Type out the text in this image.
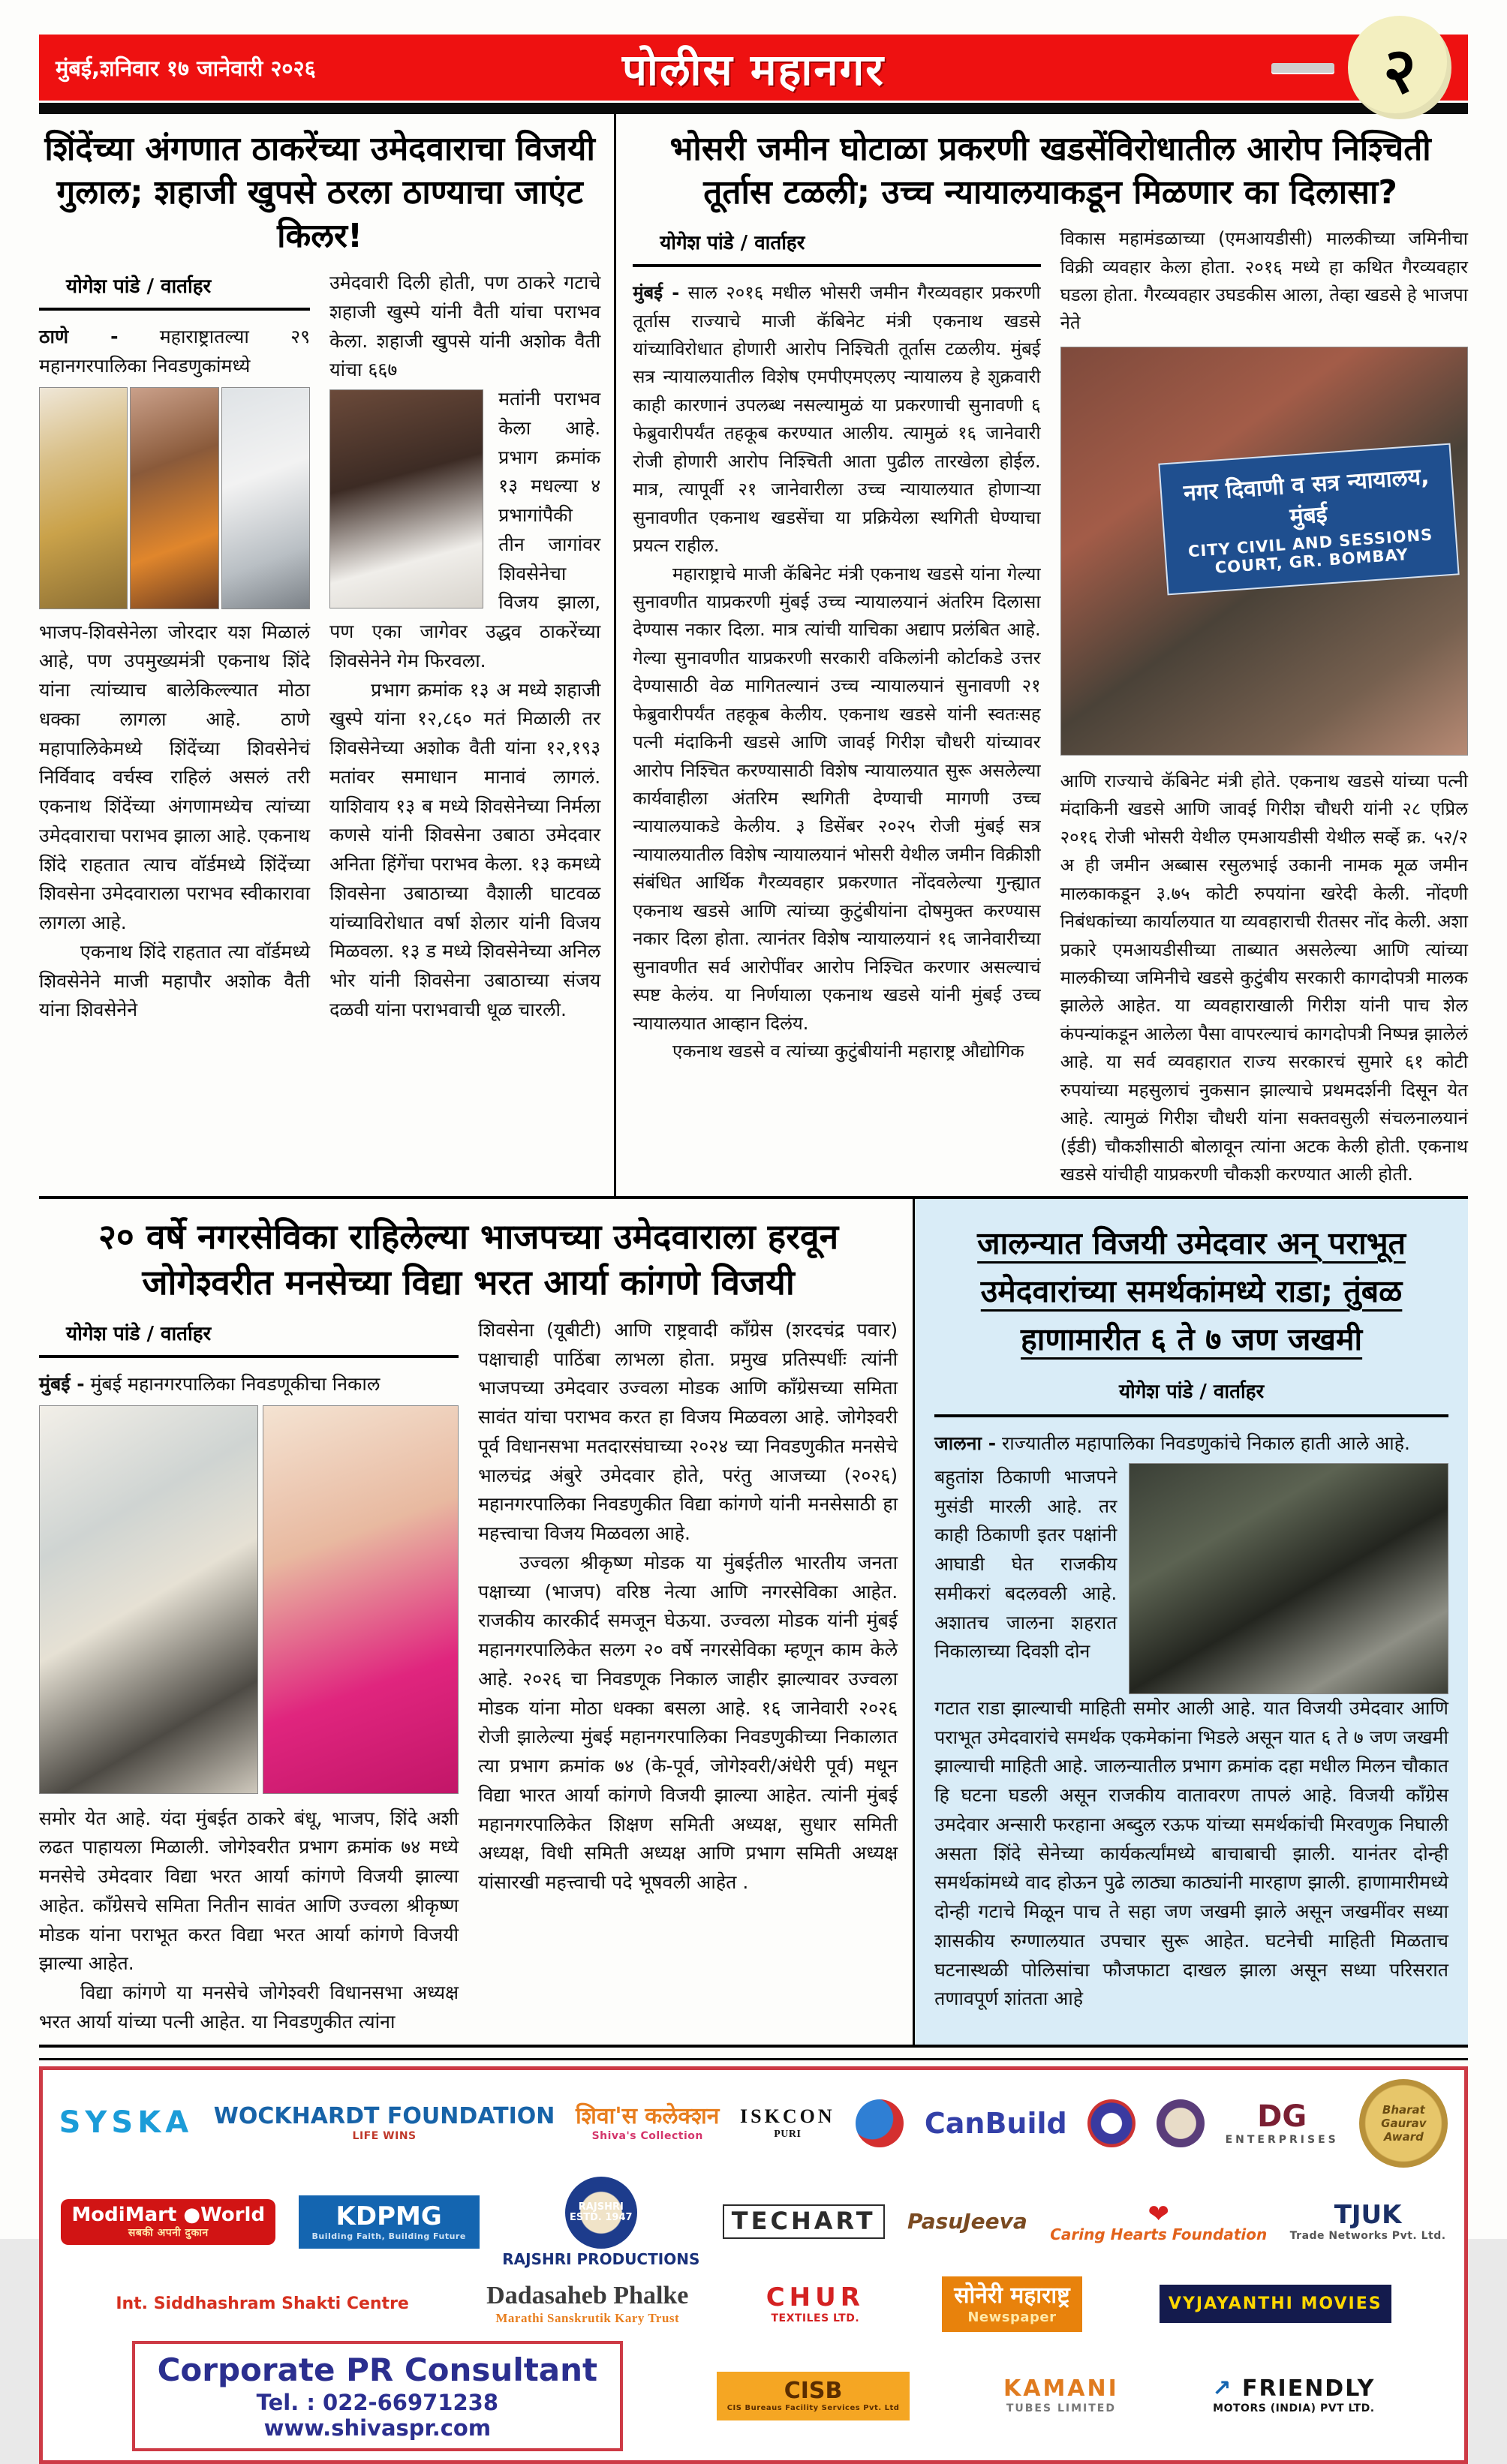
मुंबई,शनिवार १७ जानेवारी २०२६	पोलीस महानगर	२
शिंदेंच्या अंगणात ठाकरेंच्या उमेदवाराचा विजयी गुलाल; शहाजी खुपसे ठरला ठाण्याचा जाएंट किलर!
योगेश पांडे / वार्ताहर

ठाणे - महाराष्ट्रातल्या २९ महानगरपालिका निवडणुकांमध्ये

भाजप-शिवसेनेला जोरदार यश मिळालं आहे, पण उपमुख्यमंत्री एकनाथ शिंदे यांना त्यांच्याच बालेकिल्ल्यात मोठा धक्का लागला आहे. ठाणे महापालिकेमध्ये शिंदेंच्या शिवसेनेचं निर्विवाद वर्चस्व राहिलं असलं तरी एकनाथ शिंदेंच्या अंगणामध्येच त्यांच्या उमेदवाराचा पराभव झाला आहे. एकनाथ शिंदे राहतात त्याच वॉर्डमध्ये शिंदेंच्या शिवसेना उमेदवाराला पराभव स्वीकारावा लागला आहे.

एकनाथ शिंदे राहतात त्या वॉर्डमध्ये शिवसेनेने माजी महापौर अशोक वैती यांना शिवसेनेने

उमेदवारी दिली होती, पण ठाकरे गटाचे शहाजी खुस्पे यांनी वैती यांचा पराभव केला. शहाजी खुपसे यांनी अशोक वैती यांचा ६६७

मतांनी पराभव केला आहे. प्रभाग क्रमांक १३ मधल्या ४ प्रभागांपैकी तीन जागांवर शिवसेनेचा विजय झाला, पण एका जागेवर उद्धव ठाकरेंच्या शिवसेनेने गेम फिरवला.

प्रभाग क्रमांक १३ अ मध्ये शहाजी खुस्पे यांना १२,८६० मतं मिळाली तर शिवसेनेच्या अशोक वैती यांना १२,१९३ मतांवर समाधान मानावं लागलं. याशिवाय १३ ब मध्ये शिवसेनेच्या निर्मला कणसे यांनी शिवसेना उबाठा उमेदवार अनिता हिंगेंचा पराभव केला. १३ कमध्ये शिवसेना उबाठाच्या वैशाली घाटवळ यांच्याविरोधात वर्षा शेलार यांनी विजय मिळवला. १३ ड मध्ये शिवसेनेच्या अनिल भोर यांनी शिवसेना उबाठाच्या संजय दळवी यांना पराभवाची धूळ चारली.

भोसरी जमीन घोटाळा प्रकरणी खडसेंविरोधातील आरोप निश्चिती तूर्तास टळली; उच्च न्यायालयाकडून मिळणार का दिलासा?
योगेश पांडे / वार्ताहर

मुंबई - साल २०१६ मधील भोसरी जमीन गैरव्यवहार प्रकरणी तूर्तास राज्याचे माजी कॅबिनेट मंत्री एकनाथ खडसे यांच्याविरोधात होणारी आरोप निश्चिती तूर्तास टळलीय. मुंबई सत्र न्यायालयातील विशेष एमपीएमएलए न्यायालय हे शुक्रवारी काही कारणानं उपलब्ध नसल्यामुळं या प्रकरणाची सुनावणी ६ फेब्रुवारीपर्यंत तहकूब करण्यात आलीय. त्यामुळं १६ जानेवारी रोजी होणारी आरोप निश्चिती आता पुढील तारखेला होईल. मात्र, त्यापूर्वी २१ जानेवारीला उच्च न्यायालयात होणाऱ्या सुनावणीत एकनाथ खडसेंचा या प्रक्रियेला स्थगिती घेण्याचा प्रयत्न राहील.

महाराष्ट्राचे माजी कॅबिनेट मंत्री एकनाथ खडसे यांना गेल्या सुनावणीत याप्रकरणी मुंबई उच्च न्यायालयानं अंतरिम दिलासा देण्यास नकार दिला. मात्र त्यांची याचिका अद्याप प्रलंबित आहे. गेल्या सुनावणीत याप्रकरणी सरकारी वकिलांनी कोर्टाकडे उत्तर देण्यासाठी वेळ मागितल्यानं उच्च न्यायालयानं सुनावणी २१ फेब्रुवारीपर्यंत तहकूब केलीय. एकनाथ खडसे यांनी स्वतःसह पत्नी मंदाकिनी खडसे आणि जावई गिरीश चौधरी यांच्यावर आरोप निश्चित करण्यासाठी विशेष न्यायालयात सुरू असलेल्या कार्यवाहीला अंतरिम स्थगिती देण्याची मागणी उच्च न्यायालयाकडे केलीय. ३ डिसेंबर २०२५ रोजी मुंबई सत्र न्यायालयातील विशेष न्यायालयानं भोसरी येथील जमीन विक्रीशी संबंधित आर्थिक गैरव्यवहार प्रकरणात नोंदवलेल्या गुन्ह्यात एकनाथ खडसे आणि त्यांच्या कुटुंबीयांना दोषमुक्त करण्यास नकार दिला होता. त्यानंतर विशेष न्यायालयानं १६ जानेवारीच्या सुनावणीत सर्व आरोपींवर आरोप निश्चित करणार असल्याचं स्पष्ट केलंय. या निर्णयाला एकनाथ खडसे यांनी मुंबई उच्च न्यायालयात आव्हान दिलंय.

एकनाथ खडसे व त्यांच्या कुटुंबीयांनी महाराष्ट्र औद्योगिक

विकास महामंडळाच्या (एमआयडीसी) मालकीच्या जमिनीचा विक्री व्यवहार केला होता. २०१६ मध्ये हा कथित गैरव्यवहार घडला होता. गैरव्यवहार उघडकीस आला, तेव्हा खडसे हे भाजपा नेते

नगर दिवाणी व सत्र न्यायालय, मुंबई
CITY CIVIL AND SESSIONS COURT, GR. BOMBAY

आणि राज्याचे कॅबिनेट मंत्री होते. एकनाथ खडसे यांच्या पत्नी मंदाकिनी खडसे आणि जावई गिरीश चौधरी यांनी २८ एप्रिल २०१६ रोजी भोसरी येथील एमआयडीसी येथील सर्व्हे क्र. ५२/२ अ ही जमीन अब्बास रसुलभाई उकानी नामक मूळ जमीन मालकाकडून ३.७५ कोटी रुपयांना खरेदी केली. नोंदणी निबंधकांच्या कार्यालयात या व्यवहाराची रीतसर नोंद केली. अशा प्रकारे एमआयडीसीच्या ताब्यात असलेल्या आणि त्यांच्या मालकीच्या जमिनीचे खडसे कुटुंबीय सरकारी कागदोपत्री मालक झालेले आहेत. या व्यवहाराखाली गिरीश यांनी पाच शेल कंपन्यांकडून आलेला पैसा वापरल्याचं कागदोपत्री निष्पन्न झालेलं आहे. या सर्व व्यवहारात राज्य सरकारचं सुमारे ६१ कोटी रुपयांच्या महसुलाचं नुकसान झाल्याचे प्रथमदर्शनी दिसून येत आहे. त्यामुळं गिरीश चौधरी यांना सक्तवसुली संचलनालयानं (ईडी) चौकशीसाठी बोलावून त्यांना अटक केली होती. एकनाथ खडसे यांचीही याप्रकरणी चौकशी करण्यात आली होती.

२० वर्षे नगरसेविका राहिलेल्या भाजपच्या उमेदवाराला हरवून जोगेश्वरीत मनसेच्या विद्या भरत आर्या कांगणे विजयी
योगेश पांडे / वार्ताहर

मुंबई - मुंबई महानगरपालिका निवडणूकीचा निकाल

समोर येत आहे. यंदा मुंबईत ठाकरे बंधू, भाजप, शिंदे अशी लढत पाहायला मिळाली. जोगेश्वरीत प्रभाग क्रमांक ७४ मध्ये मनसेचे उमेदवार विद्या भरत आर्या कांगणे विजयी झाल्या आहेत. काँग्रेसचे समिता नितीन सावंत आणि उज्वला श्रीकृष्ण मोडक यांना पराभूत करत विद्या भरत आर्या कांगणे विजयी झाल्या आहेत.

विद्या कांगणे या मनसेचे जोगेश्वरी विधानसभा अध्यक्ष भरत आर्या यांच्या पत्नी आहेत. या निवडणुकीत त्यांना

शिवसेना (यूबीटी) आणि राष्ट्रवादी काँग्रेस (शरदचंद्र पवार) पक्षाचाही पाठिंबा लाभला होता. प्रमुख प्रतिस्पर्धीः त्यांनी भाजपच्या उमेदवार उज्वला मोडक आणि काँग्रेसच्या समिता सावंत यांचा पराभव करत हा विजय मिळवला आहे. जोगेश्वरी पूर्व विधानसभा मतदारसंघाच्या २०२४ च्या निवडणुकीत मनसेचे भालचंद्र अंबुरे उमेदवार होते, परंतु आजच्या (२०२६) महानगरपालिका निवडणुकीत विद्या कांगणे यांनी मनसेसाठी हा महत्त्वाचा विजय मिळवला आहे.

उज्वला श्रीकृष्ण मोडक या मुंबईतील भारतीय जनता पक्षाच्या (भाजप) वरिष्ठ नेत्या आणि नगरसेविका आहेत. राजकीय कारकीर्द समजून घेऊया. उज्वला मोडक यांनी मुंबई महानगरपालिकेत सलग २० वर्षे नगरसेविका म्हणून काम केले आहे. २०२६ चा निवडणूक निकाल जाहीर झाल्यावर उज्वला मोडक यांना मोठा धक्का बसला आहे. १६ जानेवारी २०२६ रोजी झालेल्या मुंबई महानगरपालिका निवडणुकीच्या निकालात त्या प्रभाग क्रमांक ७४ (के-पूर्व, जोगेश्वरी/अंधेरी पूर्व) मधून विद्या भारत आर्या कांगणे विजयी झाल्या आहेत. त्यांनी मुंबई महानगरपालिकेत शिक्षण समिती अध्यक्ष, सुधार समिती अध्यक्ष, विधी समिती अध्यक्ष आणि प्रभाग समिती अध्यक्ष यांसारखी महत्त्वाची पदे भूषवली आहेत .

जालन्यात विजयी उमेदवार अन् पराभूत उमेदवारांच्या समर्थकांमध्ये राडा; तुंबळ हाणामारीत ६ ते ७ जण जखमी
योगेश पांडे / वार्ताहर

जालना - राज्यातील महापालिका निवडणुकांचे निकाल हाती आले आहे.

बहुतांश ठिकाणी भाजपने मुसंडी मारली आहे. तर काही ठिकाणी इतर पक्षांनी आघाडी घेत राजकीय समीकरां बदलवली आहे. अशातच जालना शहरात निकालाच्या दिवशी दोन

गटात राडा झाल्याची माहिती समोर आली आहे. यात विजयी उमेदवार आणि पराभूत उमेदवारांचे समर्थक एकमेकांना भिडले असून यात ६ ते ७ जण जखमी झाल्याची माहिती आहे. जालन्यातील प्रभाग क्रमांक दहा मधील मिलन चौकात हि घटना घडली असून राजकीय वातावरण तापलं आहे. विजयी काँग्रेस उमदेवार अन्सारी फरहाना अब्दुल रऊफ यांच्या समर्थकांची मिरवणुक निघाली असता शिंदे सेनेच्या कार्यकर्त्यांमध्ये बाचाबाची झाली. यानंतर दोन्ही समर्थकांमध्ये वाद होऊन पुढे लाठ्या काठ्यांनी मारहाण झाली. हाणामारीमध्ये दोन्ही गटाचे मिळून पाच ते सहा जण जखमी झाले असून जखमींवर सध्या शासकीय रुग्णालयात उपचार सुरू आहेत. घटनेची माहिती मिळताच घटनास्थळी पोलिसांचा फौजफाटा दाखल झाला असून सध्या परिसरात तणावपूर्ण शांतता आहे

SYSKA WOCKHARDT FOUNDATION
LIFE WINS
शिवा'स कलेक्शन
Shiva's Collection
ISKCON
PURI	CanBuild	DG
ENTERPRISES
Bharat Gaurav Award
ModiMart ●World
सबकी अपनी दुकान
KDPMG
Building Faith, Building Future
RAJSHRI ESTD. 1947
RAJSHRI PRODUCTIONS
TECHART	PasuJeeva	❤
Caring Hearts Foundation
TJUK
Trade Networks Pvt. Ltd.
Int. Siddhashram Shakti Centre	Dadasaheb Phalke
Marathi Sanskrutik Kary Trust
CHUR
TEXTILES LTD.
सोनेरी महाराष्ट्र
Newspaper
VYJAYANTHI MOVIES
Corporate PR Consultant
Tel. : 022-66971238
www.shivaspr.com
CISB
CIS Bureaus Facility Services Pvt. Ltd
KAMANI
TUBES LIMITED
↗ FRIENDLY
MOTORS (INDIA) PVT LTD.
